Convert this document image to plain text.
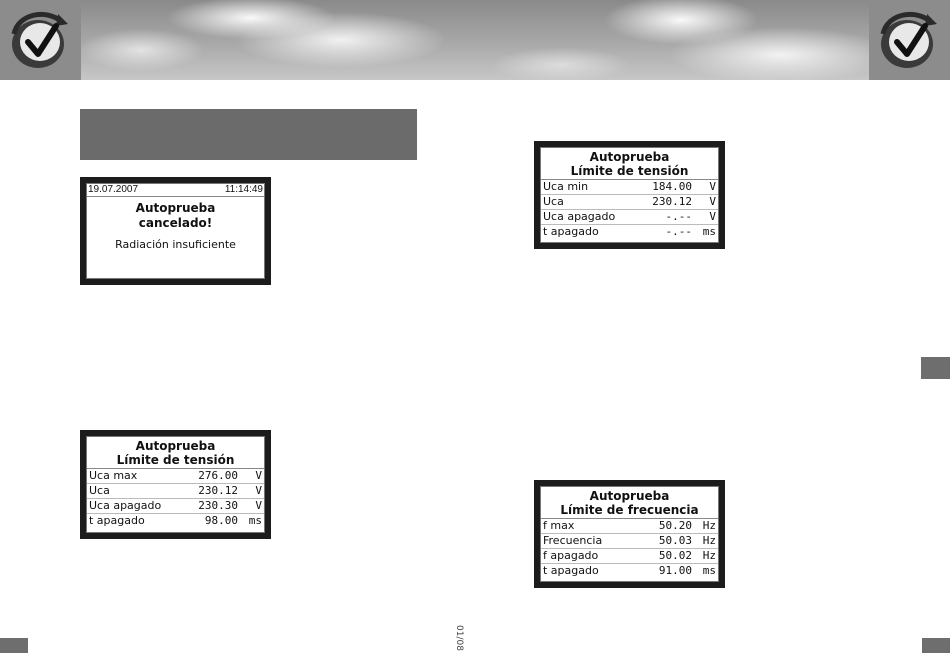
19.07.2007	11:14:49
Autoprueba
cancelado!
Radiación insuficiente
Autoprueba
Límite de tensión
Uca max	276.00	V
Uca	230.12	V
Uca apagado	230.30	V
t apagado	98.00 ms
Autoprueba
Límite de tensión
Uca min	184.00	V
Uca	230.12	V
Uca apagado	-.--	V
t apagado	-.-- ms
Autoprueba
Límite de frecuencia
f max	50.20 Hz
Frecuencia	50.03 Hz
f apagado	50.02 Hz
t apagado	91.00 ms
01/08
